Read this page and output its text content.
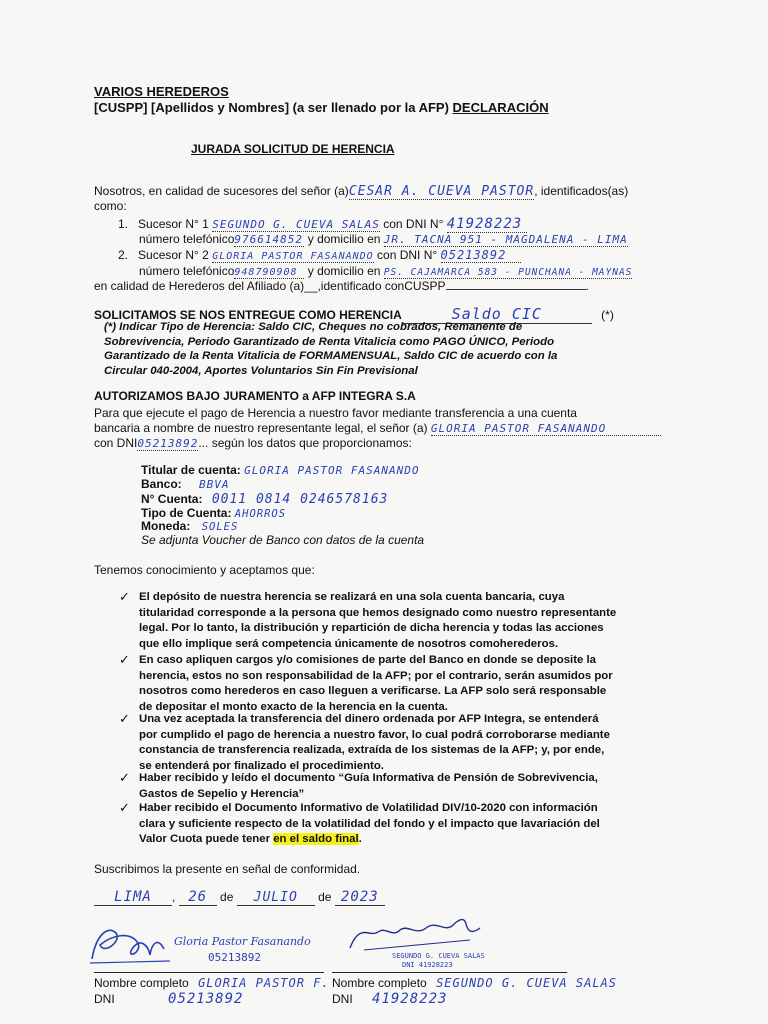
VARIOS HEREDEROS
[CUSPP] [Apellidos y Nombres] (a ser llenado por la AFP) DECLARACIÓN
JURADA SOLICITUD DE HERENCIA
Nosotros, en calidad de sucesores del señor (a)CESAR A. CUEVA PASTOR, identificados(as)
como:
1. Sucesor N° 1 SEGUNDO G. CUEVA SALAS con DNI N° 41928223
número telefónico976614852 y domicilio en JR. TACNA 951 - MAGDALENA - LIMA
2. Sucesor N° 2 GLORIA PASTOR FASANANDO con DNI N° 05213892
número telefónico948790908 y domicilio en PS. CAJAMARCA 583 - PUNCHANA - MAYNAS
en calidad de Herederos del Afiliado (a)__,identificado conCUSPP	.
SOLICITAMOS SE NOS ENTREGUE COMO HERENCIA	Saldo CIC	(*)
(*) Indicar Tipo de Herencia: Saldo CIC, Cheques no cobrados, Remanente de Sobrevivencia, Periodo Garantizado de Renta Vitalicia como PAGO ÚNICO, Periodo Garantizado de la Renta Vitalicia de FORMAMENSUAL, Saldo CIC de acuerdo con la Circular 040-2004, Aportes Voluntarios Sin Fin Previsional
AUTORIZAMOS BAJO JURAMENTO a AFP INTEGRA S.A
Para que ejecute el pago de Herencia a nuestro favor mediante transferencia a una cuenta
bancaria a nombre de nuestro representante legal, el señor (a) GLORIA PASTOR FASANANDO
con DNI05213892... según los datos que proporcionamos:
Titular de cuenta: GLORIA PASTOR FASANANDO
Banco: BBVA
N° Cuenta: 0011 0814 0246578163
Tipo de Cuenta: AHORROS
Moneda: SOLES
Se adjunta Voucher de Banco con datos de la cuenta
Tenemos conocimiento y aceptamos que:
✓ El depósito de nuestra herencia se realizará en una sola cuenta bancaria, cuya titularidad corresponde a la persona que hemos designado como nuestro representante legal. Por lo tanto, la distribución y repartición de dicha herencia y todas las acciones que ello implique será competencia únicamente de nosotros comoherederos.
✓ En caso apliquen cargos y/o comisiones de parte del Banco en donde se deposite la herencia, estos no son responsabilidad de la AFP; por el contrario, serán asumidos por nosotros como herederos en caso lleguen a verificarse. La AFP solo será responsable de depositar el monto exacto de la herencia en la cuenta.
✓ Una vez aceptada la transferencia del dinero ordenada por AFP Integra, se entenderá por cumplido el pago de herencia a nuestro favor, lo cual podrá corroborarse mediante constancia de transferencia realizada, extraída de los sistemas de la AFP; y, por ende, se entenderá por finalizado el procedimiento.
✓ Haber recibido y leído el documento “Guía Informativa de Pensión de Sobrevivencia, Gastos de Sepelio y Herencia”
✓ Haber recibido el Documento Informativo de Volatilidad DIV/10-2020 con información clara y suficiente respecto de la volatilidad del fondo y el impacto que lavariación del Valor Cuota puede tener en el saldo final.
Suscribimos la presente en señal de conformidad.
LIMA , 26 de JULIO de 2023
Gloria Pastor Fasanando
05213892	SEGUNDO G. CUEVA SALAS
DNI 41928223
Nombre completo GLORIA PASTOR F.
DNI	05213892
Nombre completo SEGUNDO G. CUEVA SALAS
DNI 41928223
